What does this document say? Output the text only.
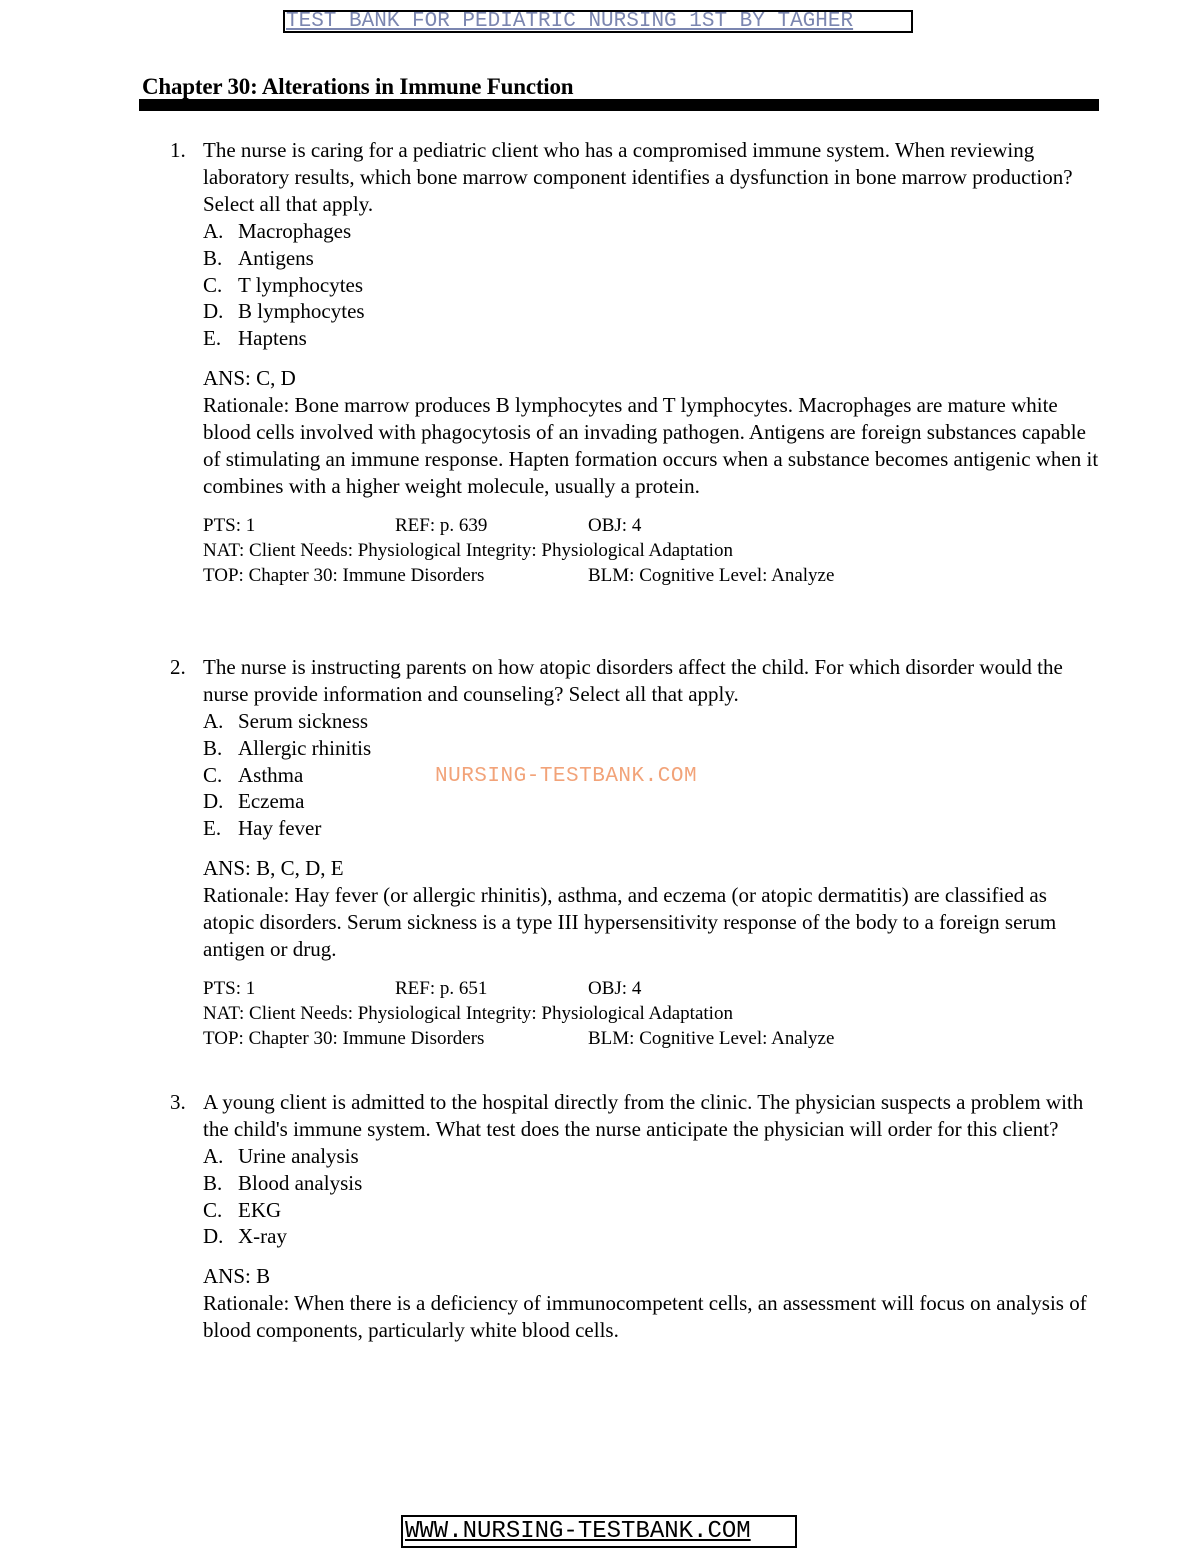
TEST BANK FOR PEDIATRIC NURSING 1ST BY TAGHER
Chapter 30: Alterations in Immune Function
1. The nurse is caring for a pediatric client who has a compromised immune system. When reviewing laboratory results, which bone marrow component identifies a dysfunction in bone marrow production? Select all that apply.
A. Macrophages
B. Antigens
C. T lymphocytes
D. B lymphocytes
E. Haptens
ANS: C, D
Rationale: Bone marrow produces B lymphocytes and T lymphocytes. Macrophages are mature white blood cells involved with phagocytosis of an invading pathogen. Antigens are foreign substances capable of stimulating an immune response. Hapten formation occurs when a substance becomes antigenic when it combines with a higher weight molecule, usually a protein.
PTS: 1	REF: p. 639	OBJ: 4
NAT: Client Needs: Physiological Integrity: Physiological Adaptation
TOP: Chapter 30: Immune Disorders	BLM: Cognitive Level: Analyze
2. The nurse is instructing parents on how atopic disorders affect the child. For which disorder would the nurse provide information and counseling? Select all that apply.
A. Serum sickness
B. Allergic rhinitis
C. Asthma
D. Eczema
E. Hay fever
ANS: B, C, D, E
Rationale: Hay fever (or allergic rhinitis), asthma, and eczema (or atopic dermatitis) are classified as atopic disorders. Serum sickness is a type III hypersensitivity response of the body to a foreign serum antigen or drug.
PTS: 1	REF: p. 651	OBJ: 4
NAT: Client Needs: Physiological Integrity: Physiological Adaptation
TOP: Chapter 30: Immune Disorders	BLM: Cognitive Level: Analyze
3. A young client is admitted to the hospital directly from the clinic. The physician suspects a problem with the child's immune system. What test does the nurse anticipate the physician will order for this client?
A. Urine analysis
B. Blood analysis
C. EKG
D. X-ray
ANS: B
Rationale: When there is a deficiency of immunocompetent cells, an assessment will focus on analysis of blood components, particularly white blood cells.
NURSING-TESTBANK.COM
WWW.NURSING-TESTBANK.COM
